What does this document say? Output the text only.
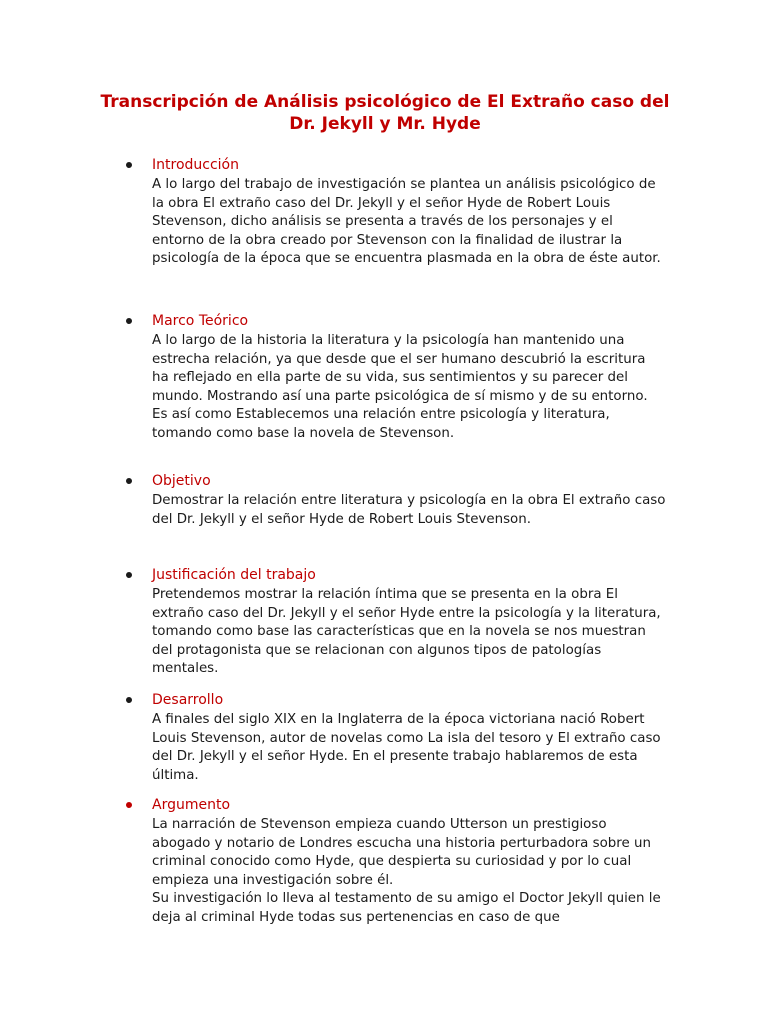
Transcripción de Análisis psicológico de El Extraño caso del Dr. Jekyll y Mr. Hyde
Introducción

A lo largo del trabajo de investigación se plantea un análisis psicológico de la obra El extraño caso del Dr. Jekyll y el señor Hyde de Robert Louis Stevenson, dicho análisis se presenta a través de los personajes y el entorno de la obra creado por Stevenson con la finalidad de ilustrar la psicología de la época que se encuentra plasmada en la obra de éste autor.

Marco Teórico

A lo largo de la historia la literatura y la psicología han mantenido una estrecha relación, ya que desde que el ser humano descubrió la escritura ha reflejado en ella parte de su vida, sus sentimientos y su parecer del mundo. Mostrando así una parte psicológica de sí mismo y de su entorno.

Es así como Establecemos una relación entre psicología y literatura, tomando como base la novela de Stevenson.

Objetivo

Demostrar la relación entre literatura y psicología en la obra El extraño caso del Dr. Jekyll y el señor Hyde de Robert Louis Stevenson.

Justificación del trabajo

Pretendemos mostrar la relación íntima que se presenta en la obra El extraño caso del Dr. Jekyll y el señor Hyde entre la psicología y la literatura, tomando como base las características que en la novela se nos muestran del protagonista que se relacionan con algunos tipos de patologías mentales.

Desarrollo

A finales del siglo XIX en la Inglaterra de la época victoriana nació Robert Louis Stevenson, autor de novelas como La isla del tesoro y El extraño caso del Dr. Jekyll y el señor Hyde. En el presente trabajo hablaremos de esta última.

Argumento

La narración de Stevenson empieza cuando Utterson un prestigioso abogado y notario de Londres escucha una historia perturbadora sobre un criminal conocido como Hyde, que despierta su curiosidad y por lo cual empieza una investigación sobre él.

Su investigación lo lleva al testamento de su amigo el Doctor Jekyll quien le deja al criminal Hyde todas sus pertenencias en caso de que
